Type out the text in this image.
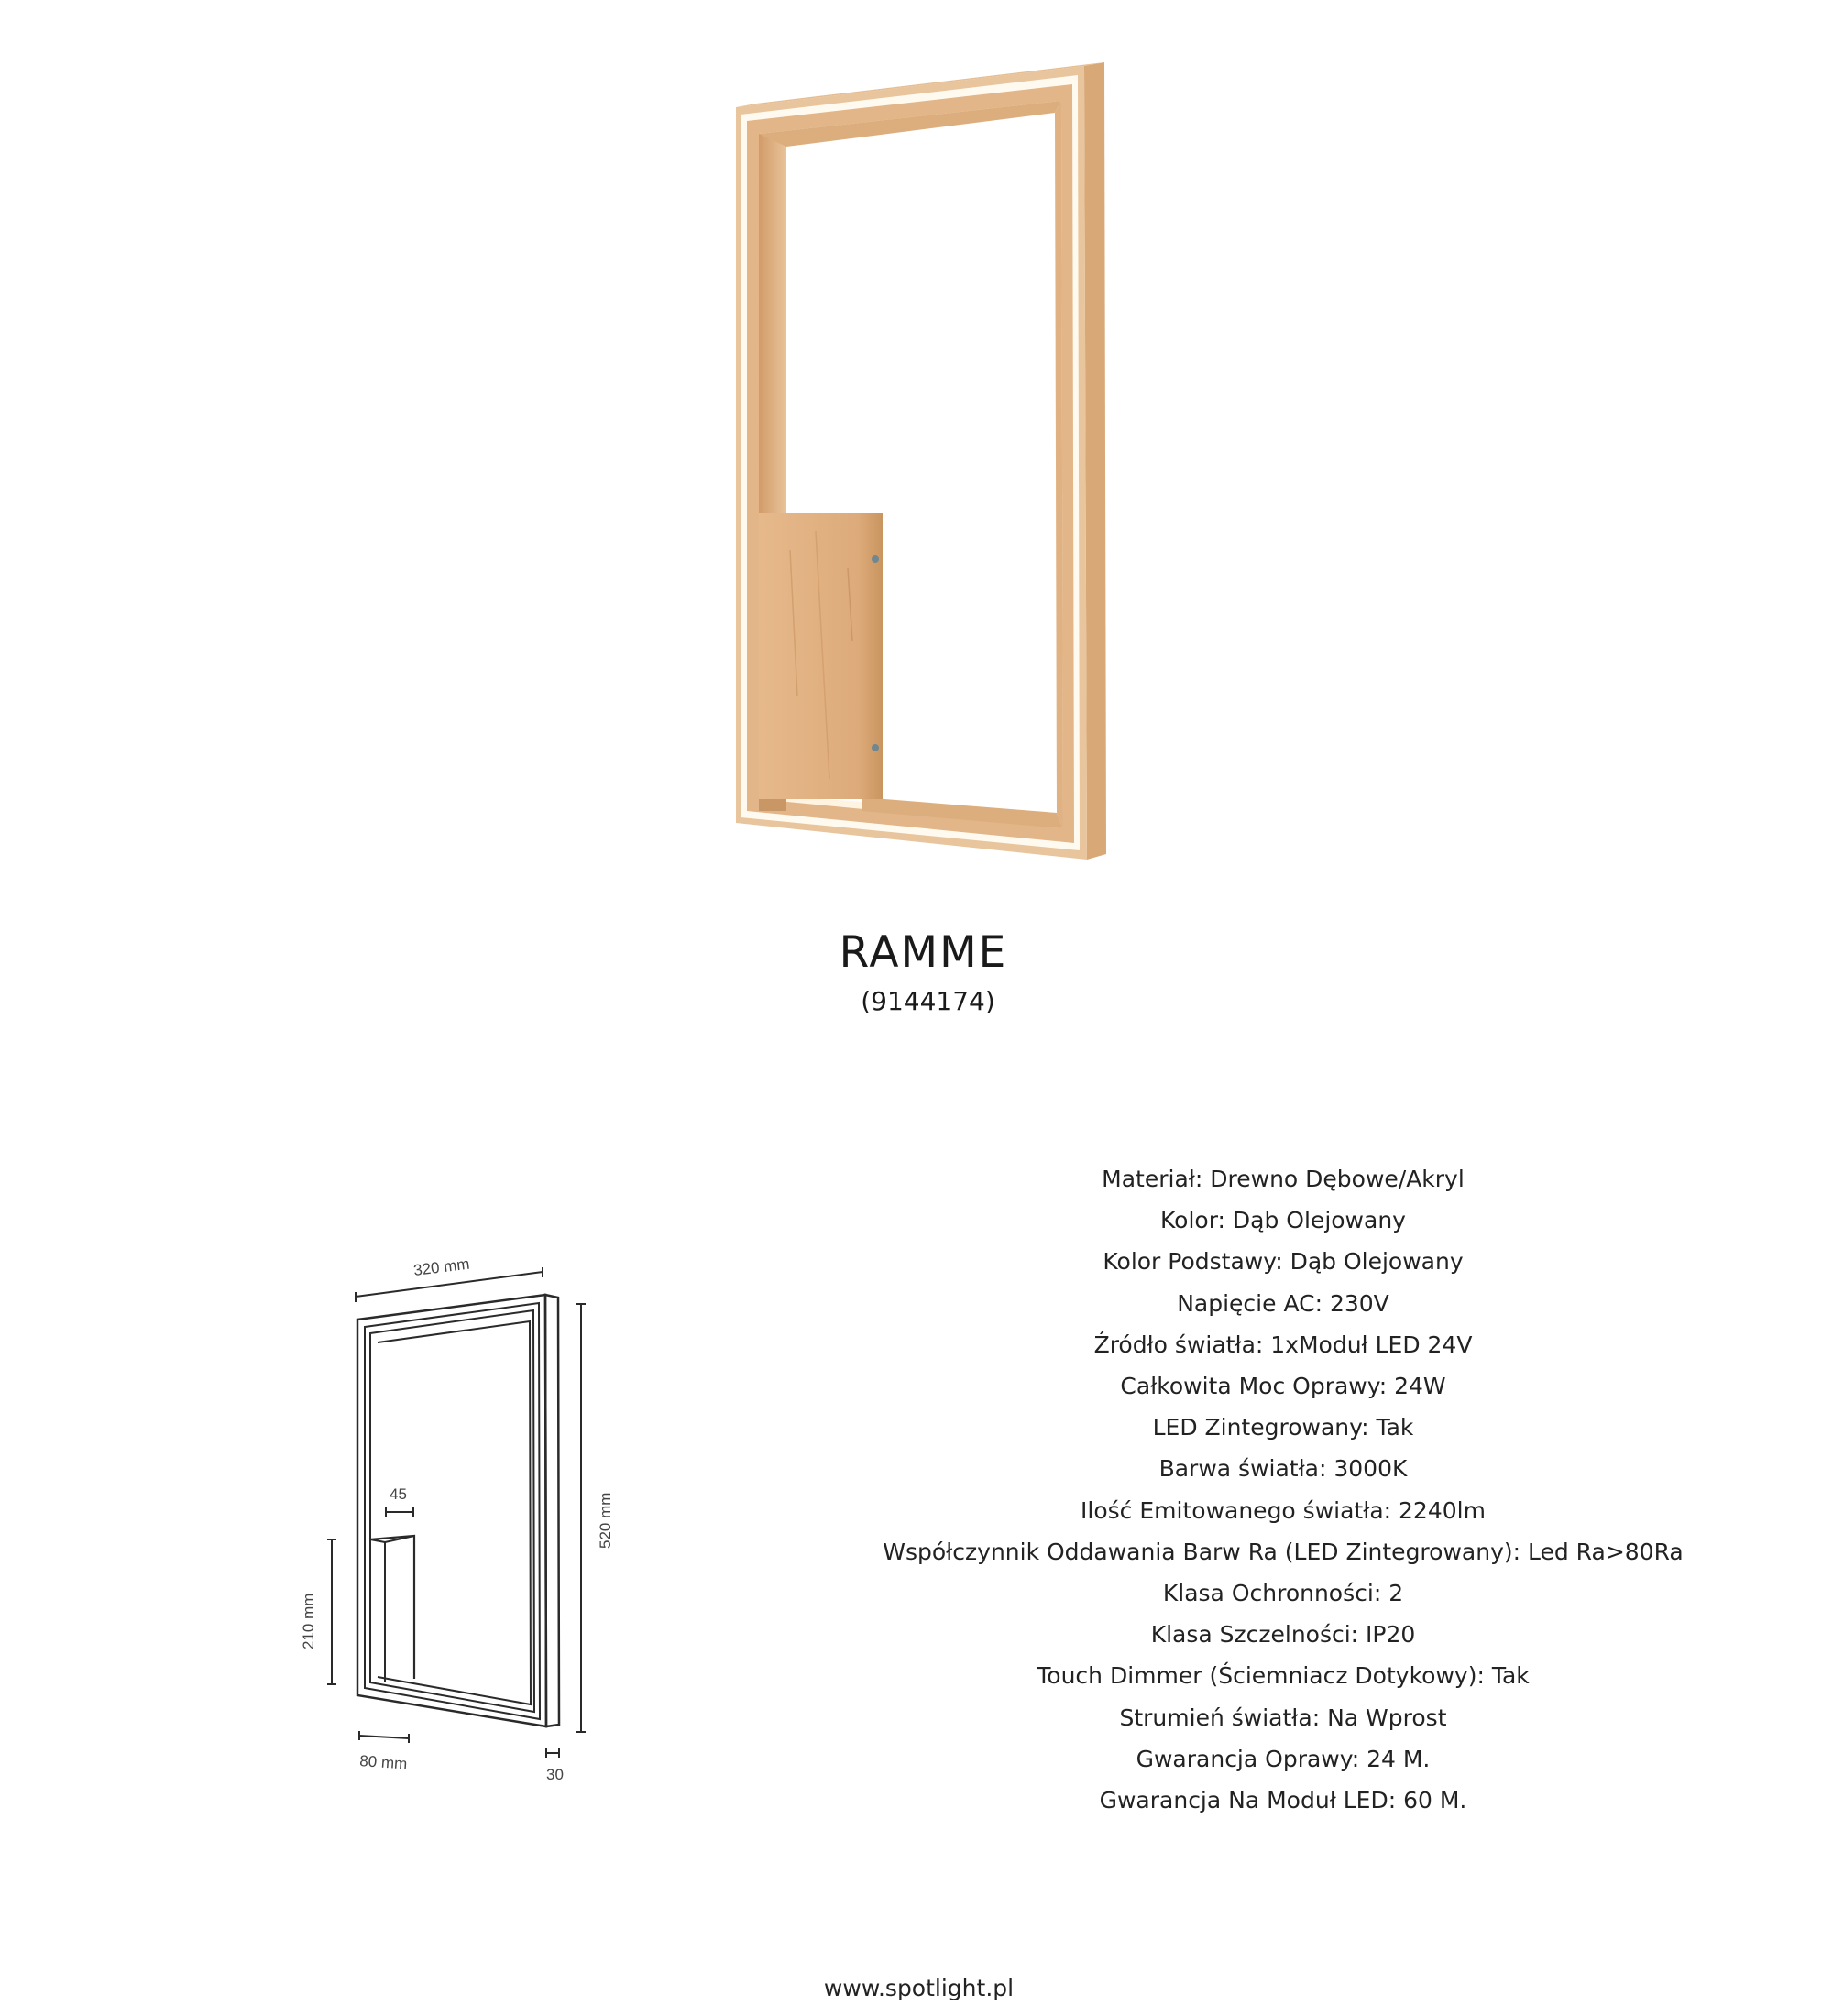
RAMME
(9144174)
320 mm
520 mm
210 mm
45
80 mm
30
Materiał: Drewno Dębowe/Akryl
Kolor: Dąb Olejowany
Kolor Podstawy: Dąb Olejowany
Napięcie AC: 230V
Źródło światła: 1xModuł LED 24V
Całkowita Moc Oprawy: 24W
LED Zintegrowany: Tak
Barwa światła: 3000K
Ilość Emitowanego światła: 2240lm
Współczynnik Oddawania Barw Ra (LED Zintegrowany): Led Ra>80Ra
Klasa Ochronności: 2
Klasa Szczelności: IP20
Touch Dimmer (Ściemniacz Dotykowy): Tak
Strumień światła: Na Wprost
Gwarancja Oprawy: 24 M.
Gwarancja Na Moduł LED: 60 M.
www.spotlight.pl
